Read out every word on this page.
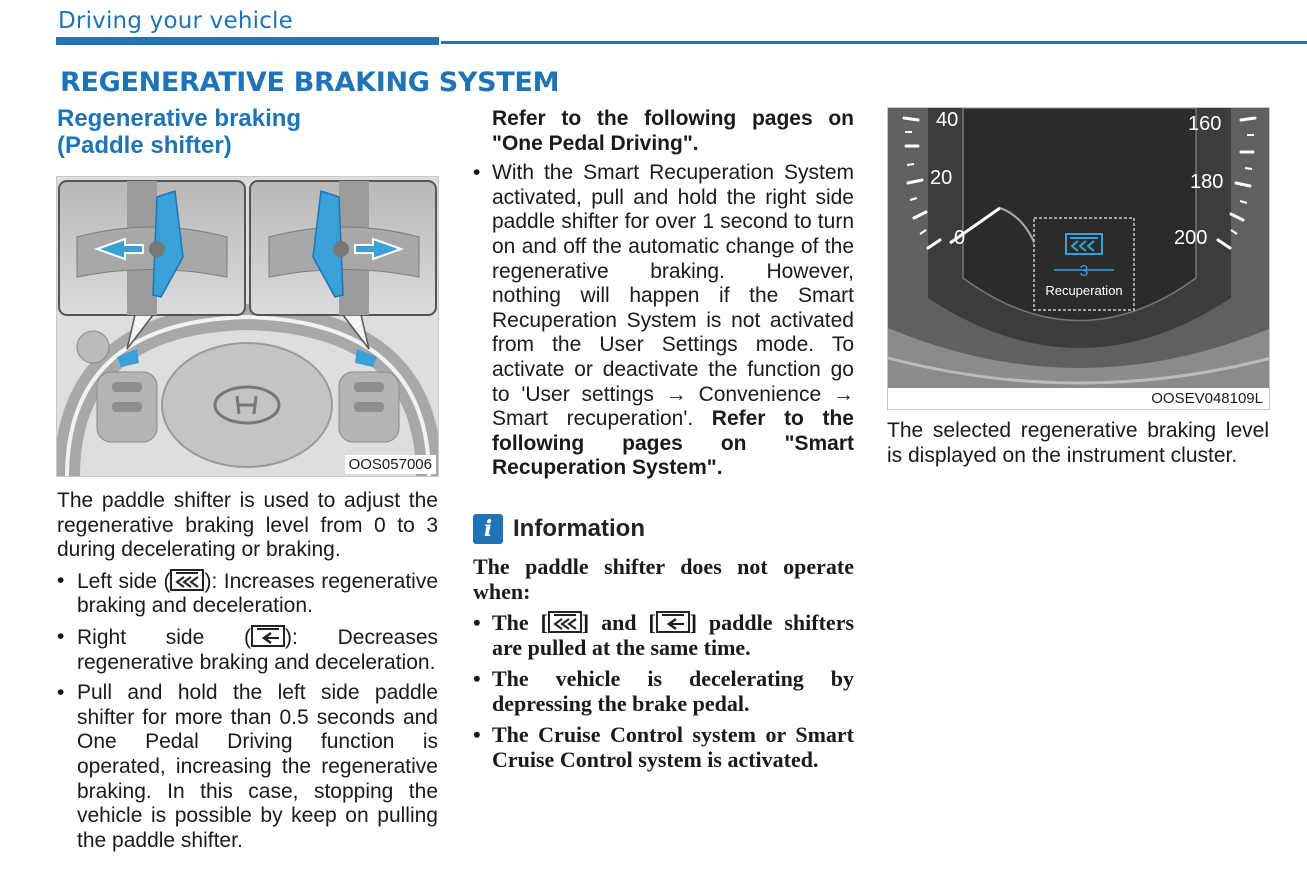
Driving your vehicle
REGENERATIVE BRAKING SYSTEM
Regenerative braking
(Paddle shifter)
OOS057006

The paddle shifter is used to adjust the regenerative braking level from 0 to 3 during decelerating or braking.

• Left side ( ): Increases regenerative braking and deceleration.
• Right side ( ): Decreases regenerative braking and deceleration.
• Pull and hold the left side paddle shifter for more than 0.5 seconds and One Pedal Driving function is operated, increasing the regenerative braking. In this case, stopping the vehicle is possible by keep on pulling the paddle shifter.

Refer to the following pages on "One Pedal Driving".

• With the Smart Recuperation System activated, pull and hold the right side paddle shifter for over 1 second to turn on and off the automatic change of the regenerative braking. However, nothing will happen if the Smart Recuperation System is not activated from the User Settings mode. To activate or deactivate the function go to 'User settings → Convenience → Smart recuperation'. Refer to the following pages on "Smart Recuperation System".
i Information

The paddle shifter does not operate when:

• The [ ] and [ ] paddle shifters are pulled at the same time.
• The vehicle is decelerating by depressing the brake pedal.
• The Cruise Control system or Smart Cruise Control system is activated.
40	160
20	180
0	200
3
Recuperation
OOSEV048109L

The selected regenerative braking level is displayed on the instrument cluster.
